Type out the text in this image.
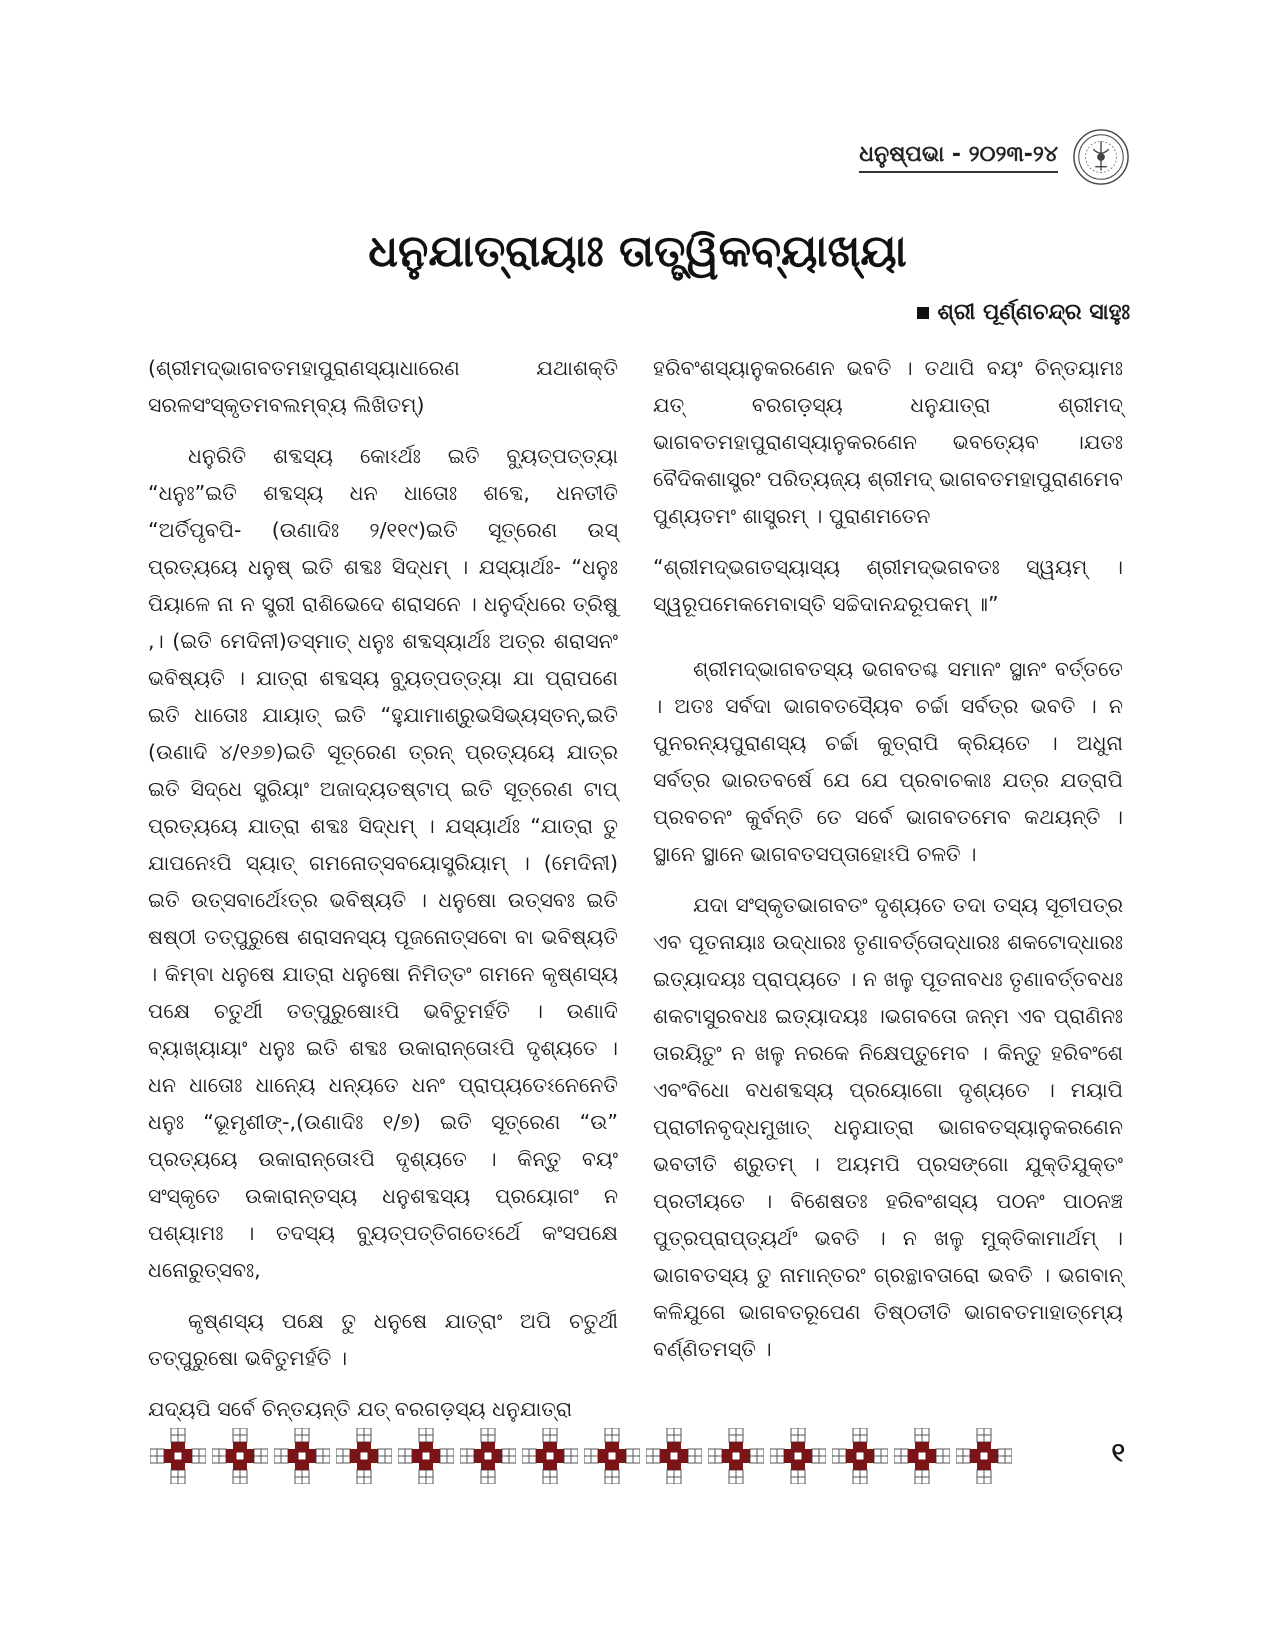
ଧନୁଷ୍ପଭା - ୨୦୨୩-୨୪
ଧନୁଯାତ୍ରାୟାଃ ତାତ୍ତ୍ୱିକବ୍ୟାଖ୍ୟା
ଶ୍ରୀ ପୂର୍ଣ୍ଣଚନ୍ଦ୍ର ସାହୁଃ

(ଶ୍ରୀମଦ୍ଭାଗବତମହାପୁରାଣସ୍ୟାଧାରେଣ ଯଥାଶକ୍ତି ସରଳସଂସ୍କୃତମବଲମ୍ବ୍ୟ ଲିଖିତମ୍)

ଧନୁରିତି ଶବ୍ଦସ୍ୟ କୋଽର୍ଥଃ ଇତି ବ୍ୟୁତ୍ପତ୍ତ୍ୟା “ଧନୁଃ”ଇତି ଶବ୍ଦସ୍ୟ ଧନ ଧାତୋଃ ଶବ୍ଦେ, ଧନତୀତି “ଅର୍ତିପୃବପି- (ଉଣାଦିଃ ୨/୧୧୯)ଇତି ସୂତ୍ରେଣ ଉସ୍ ପ୍ରତ୍ୟୟେ ଧନୁଷ୍ ଇତି ଶବ୍ଦଃ ସିଦ୍ଧମ୍ । ଯସ୍ୟାର୍ଥଃ- “ଧନୁଃ ପିୟାଳେ ନା ନ ସ୍ତ୍ରୀ ରାଶିଭେଦେ ଶରାସନେ । ଧନୁର୍ଦ୍ଧରେ ତ୍ରିଷୁ ,। (ଇତି ମେଦିନୀ)ତସ୍ମାତ୍ ଧନୁଃ ଶବ୍ଦସ୍ୟାର୍ଥଃ ଅତ୍ର ଶରାସନଂ ଭବିଷ୍ୟତି । ଯାତ୍ରା ଶବ୍ଦସ୍ୟ ବ୍ୟୁତ୍ପତ୍ତ୍ୟା ଯା ପ୍ରାପଣେ ଇତି ଧାତୋଃ ଯାୟାତ୍ ଇତି “ହୁଯାମାଶ୍ରୁଭସିଭ୍ୟସ୍ତନ୍,ଇତି (ଉଣାଦି ୪/୧୬୭)ଇତି ସୂତ୍ରେଣ ତ୍ରନ୍ ପ୍ରତ୍ୟୟେ ଯାତ୍ର ଇତି ସିଦ୍ଧେ ସ୍ତ୍ରିୟାଂ ଅଜାଦ୍ୟତଷ୍ଟାପ୍ ଇତି ସୂତ୍ରେଣ ଟାପ୍ ପ୍ରତ୍ୟୟେ ଯାତ୍ରା ଶବ୍ଦଃ ସିଦ୍ଧମ୍ । ଯସ୍ୟାର୍ଥଃ “ଯାତ୍ରା ତୁ ଯାପନେଽପି ସ୍ୟାତ୍ ଗମନୋତ୍ସବୟୋସ୍ତ୍ରିୟାମ୍ । (ମେଦିନୀ) ଇତି ଉତ୍ସବାର୍ଥେଽତ୍ର ଭବିଷ୍ୟତି । ଧନୁଷୋ ଉତ୍ସବଃ ଇତି ଷଷ୍ଠୀ ତତ୍ପୁରୁଷେ ଶରାସନସ୍ୟ ପୂଜନୋତ୍ସବୋ ବା ଭବିଷ୍ୟତି । କିମ୍ବା ଧନୁଷେ ଯାତ୍ରା ଧନୁଷୋ ନିମିତ୍ତଂ ଗମନେ କୃଷ୍ଣସ୍ୟ ପକ୍ଷେ ଚତୁର୍ଥୀ ତତ୍ପୁରୁଷୋଽପି ଭବିତୁମର୍ହତି । ଉଣାଦି ବ୍ୟାଖ୍ୟାୟାଂ ଧନୁଃ ଇତି ଶବ୍ଦଃ ଉକାରାନ୍ତୋଽପି ଦୃଶ୍ୟତେ । ଧନ ଧାତୋଃ ଧାନ୍ୟେ ଧନ୍ୟତେ ଧନଂ ପ୍ରାପ୍ୟତେଽନେନେତି ଧନୁଃ “ଭୂମୃଶୀଙ୍-,(ଉଣାଦିଃ ୧/୭) ଇତି ସୂତ୍ରେଣ “ଉ” ପ୍ରତ୍ୟୟେ ଉକାରାନ୍ତୋଽପି ଦୃଶ୍ୟତେ । କିନ୍ତୁ ବୟଂ ସଂସ୍କୃତେ ଉକାରାନ୍ତସ୍ୟ ଧନୁଶବ୍ଦସ୍ୟ ପ୍ରୟୋଗଂ ନ ପଶ୍ୟାମଃ । ତଦସ୍ୟ ବ୍ୟୁତ୍ପତ୍ତିଗତେଽର୍ଥେ କଂସପକ୍ଷେ ଧନୋରୁତ୍ସବଃ,

କୃଷ୍ଣସ୍ୟ ପକ୍ଷେ ତୁ ଧନୁଷେ ଯାତ୍ରାଂ ଅପି ଚତୁର୍ଥୀ ତତ୍ପୁରୁଷୋ ଭବିତୁମର୍ହତି ।

ଯଦ୍ୟପି ସର୍ବେ ଚିନ୍ତୟନ୍ତି ଯତ୍ ବରଗଡ଼ସ୍ୟ ଧନୁଯାତ୍ରା

ହରିବଂଶସ୍ୟାନୁକରଣେନ ଭବତି । ତଥାପି ବୟଂ ଚିନ୍ତୟାମଃ ଯତ୍ ବରଗଡ଼ସ୍ୟ ଧନୁଯାତ୍ରା ଶ୍ରୀମଦ୍ ଭାଗବତମହାପୁରାଣସ୍ୟାନୁକରଣେନ ଭବତ୍ୟେବ ।ଯତଃ ବୈଦିକଶାସ୍ତ୍ରଂ ପରିତ୍ୟଜ୍ୟ ଶ୍ରୀମଦ୍ ଭାଗବତମହାପୁରାଣମେବ ପୁଣ୍ୟତମଂ ଶାସ୍ତ୍ରମ୍ । ପୁରାଣମତେନ

“ଶ୍ରୀମଦ୍ଭଗତସ୍ୟାସ୍ୟ ଶ୍ରୀମଦ୍ଭଗବତଃ ସ୍ୱୟମ୍ । ସ୍ୱରୂପମେକମେବାସ୍ତି ସଚ୍ଚିଦାନନ୍ଦରୂପକମ୍ ॥”

ଶ୍ରୀମଦ୍ଭାଗବତସ୍ୟ ଭଗବତଶ୍ଚ ସମାନଂ ସ୍ଥାନଂ ବର୍ତ୍ତତେ । ଅତଃ ସର୍ବଦା ଭାଗବତସ୍ୟୈବ ଚର୍ଚ୍ଚା ସର୍ବତ୍ର ଭବତି । ନ ପୁନରନ୍ୟପୁରାଣସ୍ୟ ଚର୍ଚ୍ଚା କୁତ୍ରାପି କ୍ରିୟତେ । ଅଧୁନା ସର୍ବତ୍ର ଭାରତବର୍ଷେ ଯେ ଯେ ପ୍ରବାଚକାଃ ଯତ୍ର ଯତ୍ରାପି ପ୍ରବଚନଂ କୁର୍ବନ୍ତି ତେ ସର୍ବେ ଭାଗବତମେବ କଥୟନ୍ତି । ସ୍ଥାନେ ସ୍ଥାନେ ଭାଗବତସପ୍ତାହୋଽପି ଚଳତି ।

ଯଦା ସଂସ୍କୃତଭାଗବତଂ ଦୃଶ୍ୟତେ ତଦା ତସ୍ୟ ସୂଚୀପତ୍ର ଏବ ପୂତନାୟାଃ ଉଦ୍ଧାରଃ ତୃଣାବର୍ତ୍ତୋଦ୍ଧାରଃ ଶକଟୋଦ୍ଧାରଃ ଇତ୍ୟାଦୟଃ ପ୍ରାପ୍ୟତେ । ନ ଖଳୁ ପୂତନାବଧଃ ତୃଣାବର୍ତ୍ତବଧଃ ଶକଟାସୁରବଧଃ ଇତ୍ୟାଦୟଃ ।ଭଗବତୋ ଜନ୍ମ ଏବ ପ୍ରାଣିନଃ ତାରୟିତୁଂ ନ ଖଳୁ ନରକେ ନିକ୍ଷେପ୍ତୁମେବ । କିନ୍ତୁ ହରିବଂଶେ ଏବଂବିଧୋ ବଧଶବ୍ଦସ୍ୟ ପ୍ରୟୋଗୋ ଦୃଶ୍ୟତେ । ମୟାପି ପ୍ରାଚୀନବୃଦ୍ଧମୁଖାତ୍ ଧନୁଯାତ୍ରା ଭାଗବତସ୍ୟାନୁକରଣେନ ଭବତୀତି ଶ୍ରୁତମ୍ । ଅୟମପି ପ୍ରସଙ୍ଗୋ ଯୁକ୍ତିଯୁକ୍ତଂ ପ୍ରତୀୟତେ । ବିଶେଷତଃ ହରିବଂଶସ୍ୟ ପଠନଂ ପାଠନଞ୍ଚ ପୁତ୍ରପ୍ରାପ୍ତ୍ୟର୍ଥଂ ଭବତି । ନ ଖଳୁ ମୁକ୍ତିକାମାର୍ଥମ୍ ।ଭାଗବତସ୍ୟ ତୁ ନାମାନ୍ତରଂ ଗ୍ରନ୍ଥାବତାରୋ ଭବତି । ଭଗବାନ୍ କଳିଯୁଗେ ଭାଗବତରୂପେଣ ତିଷ୍ଠତୀତି ଭାଗବତମାହାତ୍ମ୍ୟେ ବର୍ଣ୍ଣିତମସ୍ତି ।

୧
